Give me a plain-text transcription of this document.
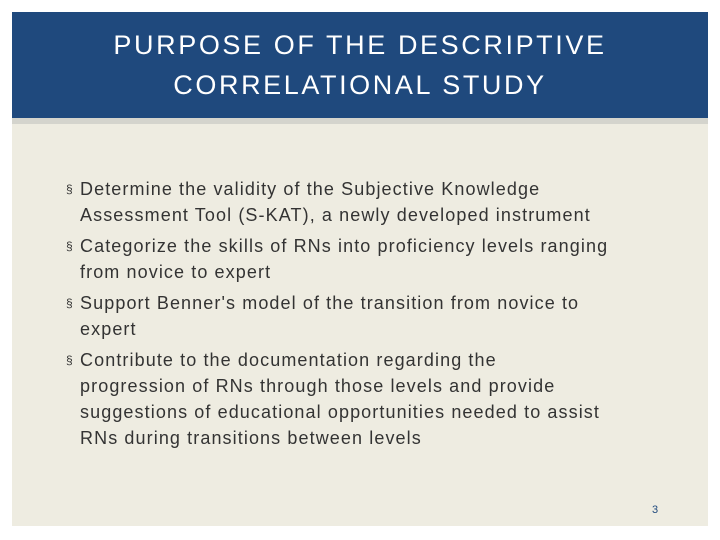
PURPOSE OF THE DESCRIPTIVE
CORRELATIONAL STUDY
§ Determine the validity of the Subjective Knowledge
Assessment Tool (S-KAT), a newly developed instrument
§ Categorize the skills of RNs into proficiency levels ranging
from novice to expert
§ Support Benner's model of the transition from novice to
expert
§ Contribute to the documentation regarding the
progression of RNs through those levels and provide
suggestions of educational opportunities needed to assist
RNs during transitions between levels
3
